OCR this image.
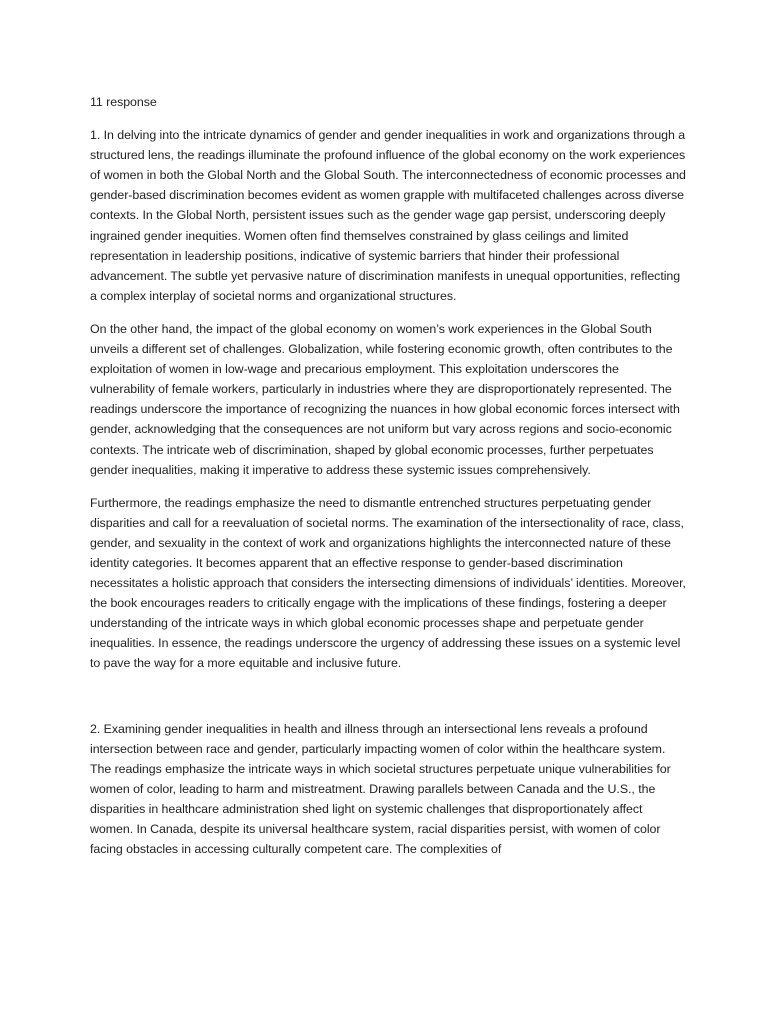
11 response

1. In delving into the intricate dynamics of gender and gender inequalities in work and organizations through a structured lens, the readings illuminate the profound influence of the global economy on the work experiences of women in both the Global North and the Global South. The interconnectedness of economic processes and gender-based discrimination becomes evident as women grapple with multifaceted challenges across diverse contexts. In the Global North, persistent issues such as the gender wage gap persist, underscoring deeply ingrained gender inequities. Women often find themselves constrained by glass ceilings and limited representation in leadership positions, indicative of systemic barriers that hinder their professional advancement. The subtle yet pervasive nature of discrimination manifests in unequal opportunities, reflecting a complex interplay of societal norms and organizational structures.

On the other hand, the impact of the global economy on women’s work experiences in the Global South unveils a different set of challenges. Globalization, while fostering economic growth, often contributes to the exploitation of women in low-wage and precarious employment. This exploitation underscores the vulnerability of female workers, particularly in industries where they are disproportionately represented. The readings underscore the importance of recognizing the nuances in how global economic forces intersect with gender, acknowledging that the consequences are not uniform but vary across regions and socio-economic contexts. The intricate web of discrimination, shaped by global economic processes, further perpetuates gender inequalities, making it imperative to address these systemic issues comprehensively.

Furthermore, the readings emphasize the need to dismantle entrenched structures perpetuating gender disparities and call for a reevaluation of societal norms. The examination of the intersectionality of race, class, gender, and sexuality in the context of work and organizations highlights the interconnected nature of these identity categories. It becomes apparent that an effective response to gender-based discrimination necessitates a holistic approach that considers the intersecting dimensions of individuals’ identities. Moreover, the book encourages readers to critically engage with the implications of these findings, fostering a deeper understanding of the intricate ways in which global economic processes shape and perpetuate gender inequalities. In essence, the readings underscore the urgency of addressing these issues on a systemic level to pave the way for a more equitable and inclusive future.

2. Examining gender inequalities in health and illness through an intersectional lens reveals a profound intersection between race and gender, particularly impacting women of color within the healthcare system. The readings emphasize the intricate ways in which societal structures perpetuate unique vulnerabilities for women of color, leading to harm and mistreatment. Drawing parallels between Canada and the U.S., the disparities in healthcare administration shed light on systemic challenges that disproportionately affect women. In Canada, despite its universal healthcare system, racial disparities persist, with women of color facing obstacles in accessing culturally competent care. The complexities of
